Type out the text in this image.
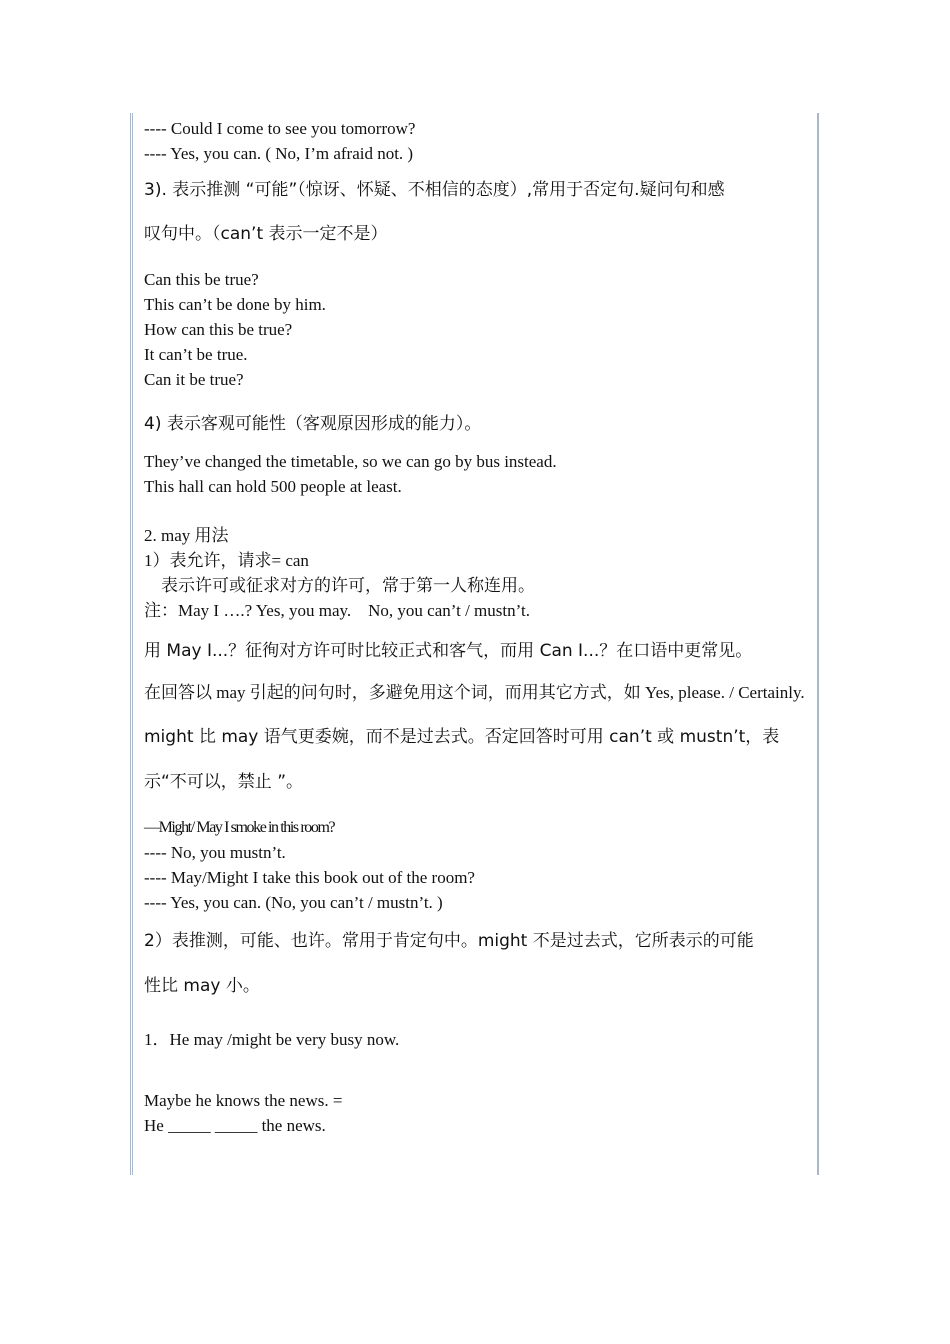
---- Could I come to see you tomorrow?
---- Yes, you can. ( No, I’m afraid not. )
3). 表示推测 “可能”（惊讶、怀疑、不相信的态度）,常用于否定句.疑问句和感
叹句中。（can’t 表示一定不是）
Can this be true?
This can’t be done by him.
How can this be true?
It can’t be true.
Can it be true?
4) 表示客观可能性（客观原因形成的能力）。
They’ve changed the timetable, so we can go by bus instead.
This hall can hold 500 people at least.
2. may 用法
1）表允许，请求= can
表示许可或征求对方的许可，常于第一人称连用。
注：May I ….? Yes, you may.    No, you can’t / mustn’t.
用 May I...？征徇对方许可时比较正式和客气，而用 Can I...？在口语中更常见。
在回答以 may 引起的问句时，多避免用这个词，而用其它方式，如 Yes, please. / Certainly.
might 比 may 语气更委婉，而不是过去式。否定回答时可用 can’t 或 mustn’t，表
示“不可以，禁止 ”。
—Might/ May I smoke in this room?
---- No, you mustn’t.
---- May/Might I take this book out of the room?
---- Yes, you can. (No, you can’t / mustn’t. )
2）表推测，可能、也许。常用于肯定句中。might 不是过去式，它所表示的可能
性比 may 小。
1．He may /might be very busy now.
Maybe he knows the news. =
He _____ _____ the news.
